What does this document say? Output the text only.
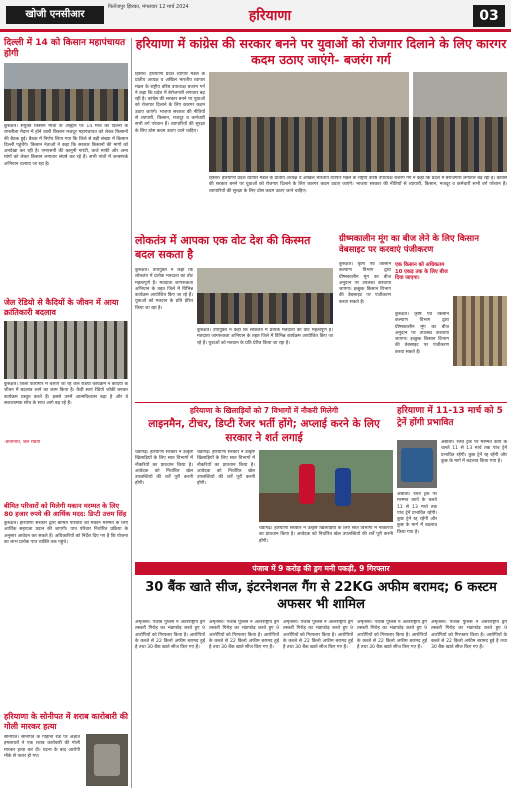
खोजी एनसीआर
फिरोजपुर झिरका, मंगलवार 12 मार्च 2024
हरियाणा	03
दिल्ली में 14 को किसान महापंचायत होगी
कुरुक्षेत्र। संयुक्त किसान मोर्चा के आह्वान पर 14 मार्च को दिल्ली के रामलीला मैदान में होने वाली किसान मजदूर महापंचायत को लेकर किसानों की बैठक हुई। बैठक में निर्णय लिया गया कि जिले से बड़ी संख्या में किसान दिल्ली पहुंचेंगे। किसान नेताओं ने कहा कि सरकार किसानों की मांगों को अनदेखा कर रही है। एमएसपी की कानूनी गारंटी, कर्ज माफी और अन्य मांगों को लेकर किसान लगातार संघर्ष कर रहे हैं। सभी गांवों में जनसंपर्क अभियान चलाया जा रहा है।
जेल रेडियो से कैदियों के जीवन में आया क्रांतिकारी बदलाव
कुरुक्षेत्र। जिला कारागार में चलाए जा रहे जेल रेडियो कार्यक्रम ने कैदियों के जीवन में बदलाव लाने का काम किया है। कैदी स्वयं रेडियो जॉकी बनकर कार्यक्रम प्रस्तुत करते हैं। इससे उनमें आत्मविश्वास बढ़ा है और वे सकारात्मक सोच के साथ आगे बढ़ रहे हैं।
-प्रतिनिधि, जेल रेडियो
बीमित परिवारों को मिलेगी मकान मरम्मत के लिए 80 हजार रुपये की आर्थिक मदद: डिप्टी उत्तम सिंह
कुरुक्षेत्र। हरियाणा सरकार द्वारा बीमित परिवारों को मकान मरम्मत के लिए आर्थिक सहायता प्रदान की जाएगी। पात्र परिवार निर्धारित प्रक्रिया के अनुसार आवेदन कर सकते हैं। अधिकारियों को निर्देश दिए गए हैं कि योजना का लाभ प्रत्येक पात्र व्यक्ति तक पहुंचे।
हरियाणा के सोनीपत में शराब कारोबारी की गोली मारकर हत्या
सोनीपत। सोनीपत के गोहाना रोड पर अज्ञात हमलावरों ने एक शराब कारोबारी की गोली मारकर हत्या कर दी। घटना के बाद आरोपी मौके से फरार हो गए।
हरियाणा में कांग्रेस की सरकार बनने पर युवाओं को रोजगार दिलाने के लिए कारगर कदम उठाए जाएंगे- बजरंग गर्ग
हिसार। हरियाणा प्रदेश व्यापार मंडल के प्रांतीय अध्यक्ष व अखिल भारतीय व्यापार मंडल के राष्ट्रीय वरिष्ठ उपाध्यक्ष बजरंग गर्ग ने कहा कि प्रदेश में बेरोजगारी लगातार बढ़ रही है। कांग्रेस की सरकार बनने पर युवाओं को रोजगार दिलाने के लिए कारगर कदम उठाए जाएंगे। भाजपा सरकार की नीतियों से व्यापारी, किसान, मजदूर व कर्मचारी सभी वर्ग परेशान हैं। व्यापारियों की सुरक्षा के लिए ठोस कदम उठाए जाने चाहिए।
हिसार। हरियाणा प्रदेश व्यापार मंडल के प्रांतीय अध्यक्ष व अखिल भारतीय व्यापार मंडल के राष्ट्रीय वरिष्ठ उपाध्यक्ष बजरंग गर्ग ने कहा कि प्रदेश में बेरोजगारी लगातार बढ़ रही है। कांग्रेस की सरकार बनने पर युवाओं को रोजगार दिलाने के लिए कारगर कदम उठाए जाएंगे। भाजपा सरकार की नीतियों से व्यापारी, किसान, मजदूर व कर्मचारी सभी वर्ग परेशान हैं। व्यापारियों की सुरक्षा के लिए ठोस कदम उठाए जाने चाहिए।
लोकतंत्र में आपका एक वोट देश की किस्मत बदल सकता है
कुरुक्षेत्र। उपायुक्त ने कहा कि लोकतंत्र में प्रत्येक मतदाता का वोट महत्वपूर्ण है। मतदाता जागरूकता अभियान के तहत जिले में विभिन्न कार्यक्रम आयोजित किए जा रहे हैं। युवाओं को मतदान के प्रति प्रेरित किया जा रहा है।
कुरुक्षेत्र। उपायुक्त ने कहा कि लोकतंत्र में प्रत्येक मतदाता का वोट महत्वपूर्ण है। मतदाता जागरूकता अभियान के तहत जिले में विभिन्न कार्यक्रम आयोजित किए जा रहे हैं। युवाओं को मतदान के प्रति प्रेरित किया जा रहा है।
ग्रीष्मकालीन मूंग का बीज लेने के लिए किसान वेबसाइट पर करवाएं पंजीकरण
कुरुक्षेत्र। कृषि एवं किसान कल्याण विभाग द्वारा ग्रीष्मकालीन मूंग का बीज अनुदान पर उपलब्ध करवाया जाएगा। इच्छुक किसान विभाग की वेबसाइट पर पंजीकरण करवा सकते हैं।
एक किसान को अधिकतम 10 एकड़ तक के लिए बीज दिया जाएगा।
कुरुक्षेत्र। कृषि एवं किसान कल्याण विभाग द्वारा ग्रीष्मकालीन मूंग का बीज अनुदान पर उपलब्ध करवाया जाएगा। इच्छुक किसान विभाग की वेबसाइट पर पंजीकरण करवा सकते हैं।
हरियाणा के खिलाड़ियों को 7 विभागों में नौकरी मिलेगी
लाइनमैन, टीचर, डिप्टी रेंजर भर्ती होंगे; अप्लाई करने के लिए सरकार ने शर्त लगाई
चंडीगढ़। हरियाणा सरकार ने उत्कृष्ट खिलाड़ियों के लिए सात विभागों में नौकरियों का प्रावधान किया है। आवेदक को निर्धारित खेल उपलब्धियों की शर्तें पूरी करनी होंगी।
चंडीगढ़। हरियाणा सरकार ने उत्कृष्ट खिलाड़ियों के लिए सात विभागों में नौकरियों का प्रावधान किया है। आवेदक को निर्धारित खेल उपलब्धियों की शर्तें पूरी करनी होंगी।
चंडीगढ़। हरियाणा सरकार ने उत्कृष्ट खिलाड़ियों के लिए सात विभागों में नौकरियों का प्रावधान किया है। आवेदक को निर्धारित खेल उपलब्धियों की शर्तें पूरी करनी होंगी।
हरियाणा में 11-13 मार्च को 5 ट्रेनें होंगी प्रभावित
अंबाला। रेलवे ट्रैक पर मरम्मत कार्य के चलते 11 से 13 मार्च तक पांच ट्रेनें प्रभावित रहेंगी। कुछ ट्रेनें रद्द रहेंगी और कुछ के मार्ग में बदलाव किया गया है।
अंबाला। रेलवे ट्रैक पर मरम्मत कार्य के चलते 11 से 13 मार्च तक पांच ट्रेनें प्रभावित रहेंगी। कुछ ट्रेनें रद्द रहेंगी और कुछ के मार्ग में बदलाव किया गया है।
पंजाब में 9 करोड़ की ड्रग मनी पकड़ी, 9 गिरफ्तार
30 बैंक खाते सीज, इंटरनेशनल गैंग से 22KG अफीम बरामद; 6 कस्टम अफसर भी शामिल
अमृतसर। पंजाब पुलिस ने अंतरराष्ट्रीय ड्रग तस्करी गिरोह का भंडाफोड़ करते हुए 9 आरोपियों को गिरफ्तार किया है। आरोपियों के कब्जे से 22 किलो अफीम बरामद हुई है तथा 30 बैंक खाते सीज किए गए हैं।
अमृतसर। पंजाब पुलिस ने अंतरराष्ट्रीय ड्रग तस्करी गिरोह का भंडाफोड़ करते हुए 9 आरोपियों को गिरफ्तार किया है। आरोपियों के कब्जे से 22 किलो अफीम बरामद हुई है तथा 30 बैंक खाते सीज किए गए हैं।
अमृतसर। पंजाब पुलिस ने अंतरराष्ट्रीय ड्रग तस्करी गिरोह का भंडाफोड़ करते हुए 9 आरोपियों को गिरफ्तार किया है। आरोपियों के कब्जे से 22 किलो अफीम बरामद हुई है तथा 30 बैंक खाते सीज किए गए हैं।
अमृतसर। पंजाब पुलिस ने अंतरराष्ट्रीय ड्रग तस्करी गिरोह का भंडाफोड़ करते हुए 9 आरोपियों को गिरफ्तार किया है। आरोपियों के कब्जे से 22 किलो अफीम बरामद हुई है तथा 30 बैंक खाते सीज किए गए हैं।
अमृतसर। पंजाब पुलिस ने अंतरराष्ट्रीय ड्रग तस्करी गिरोह का भंडाफोड़ करते हुए 9 आरोपियों को गिरफ्तार किया है। आरोपियों के कब्जे से 22 किलो अफीम बरामद हुई है तथा 30 बैंक खाते सीज किए गए हैं।
